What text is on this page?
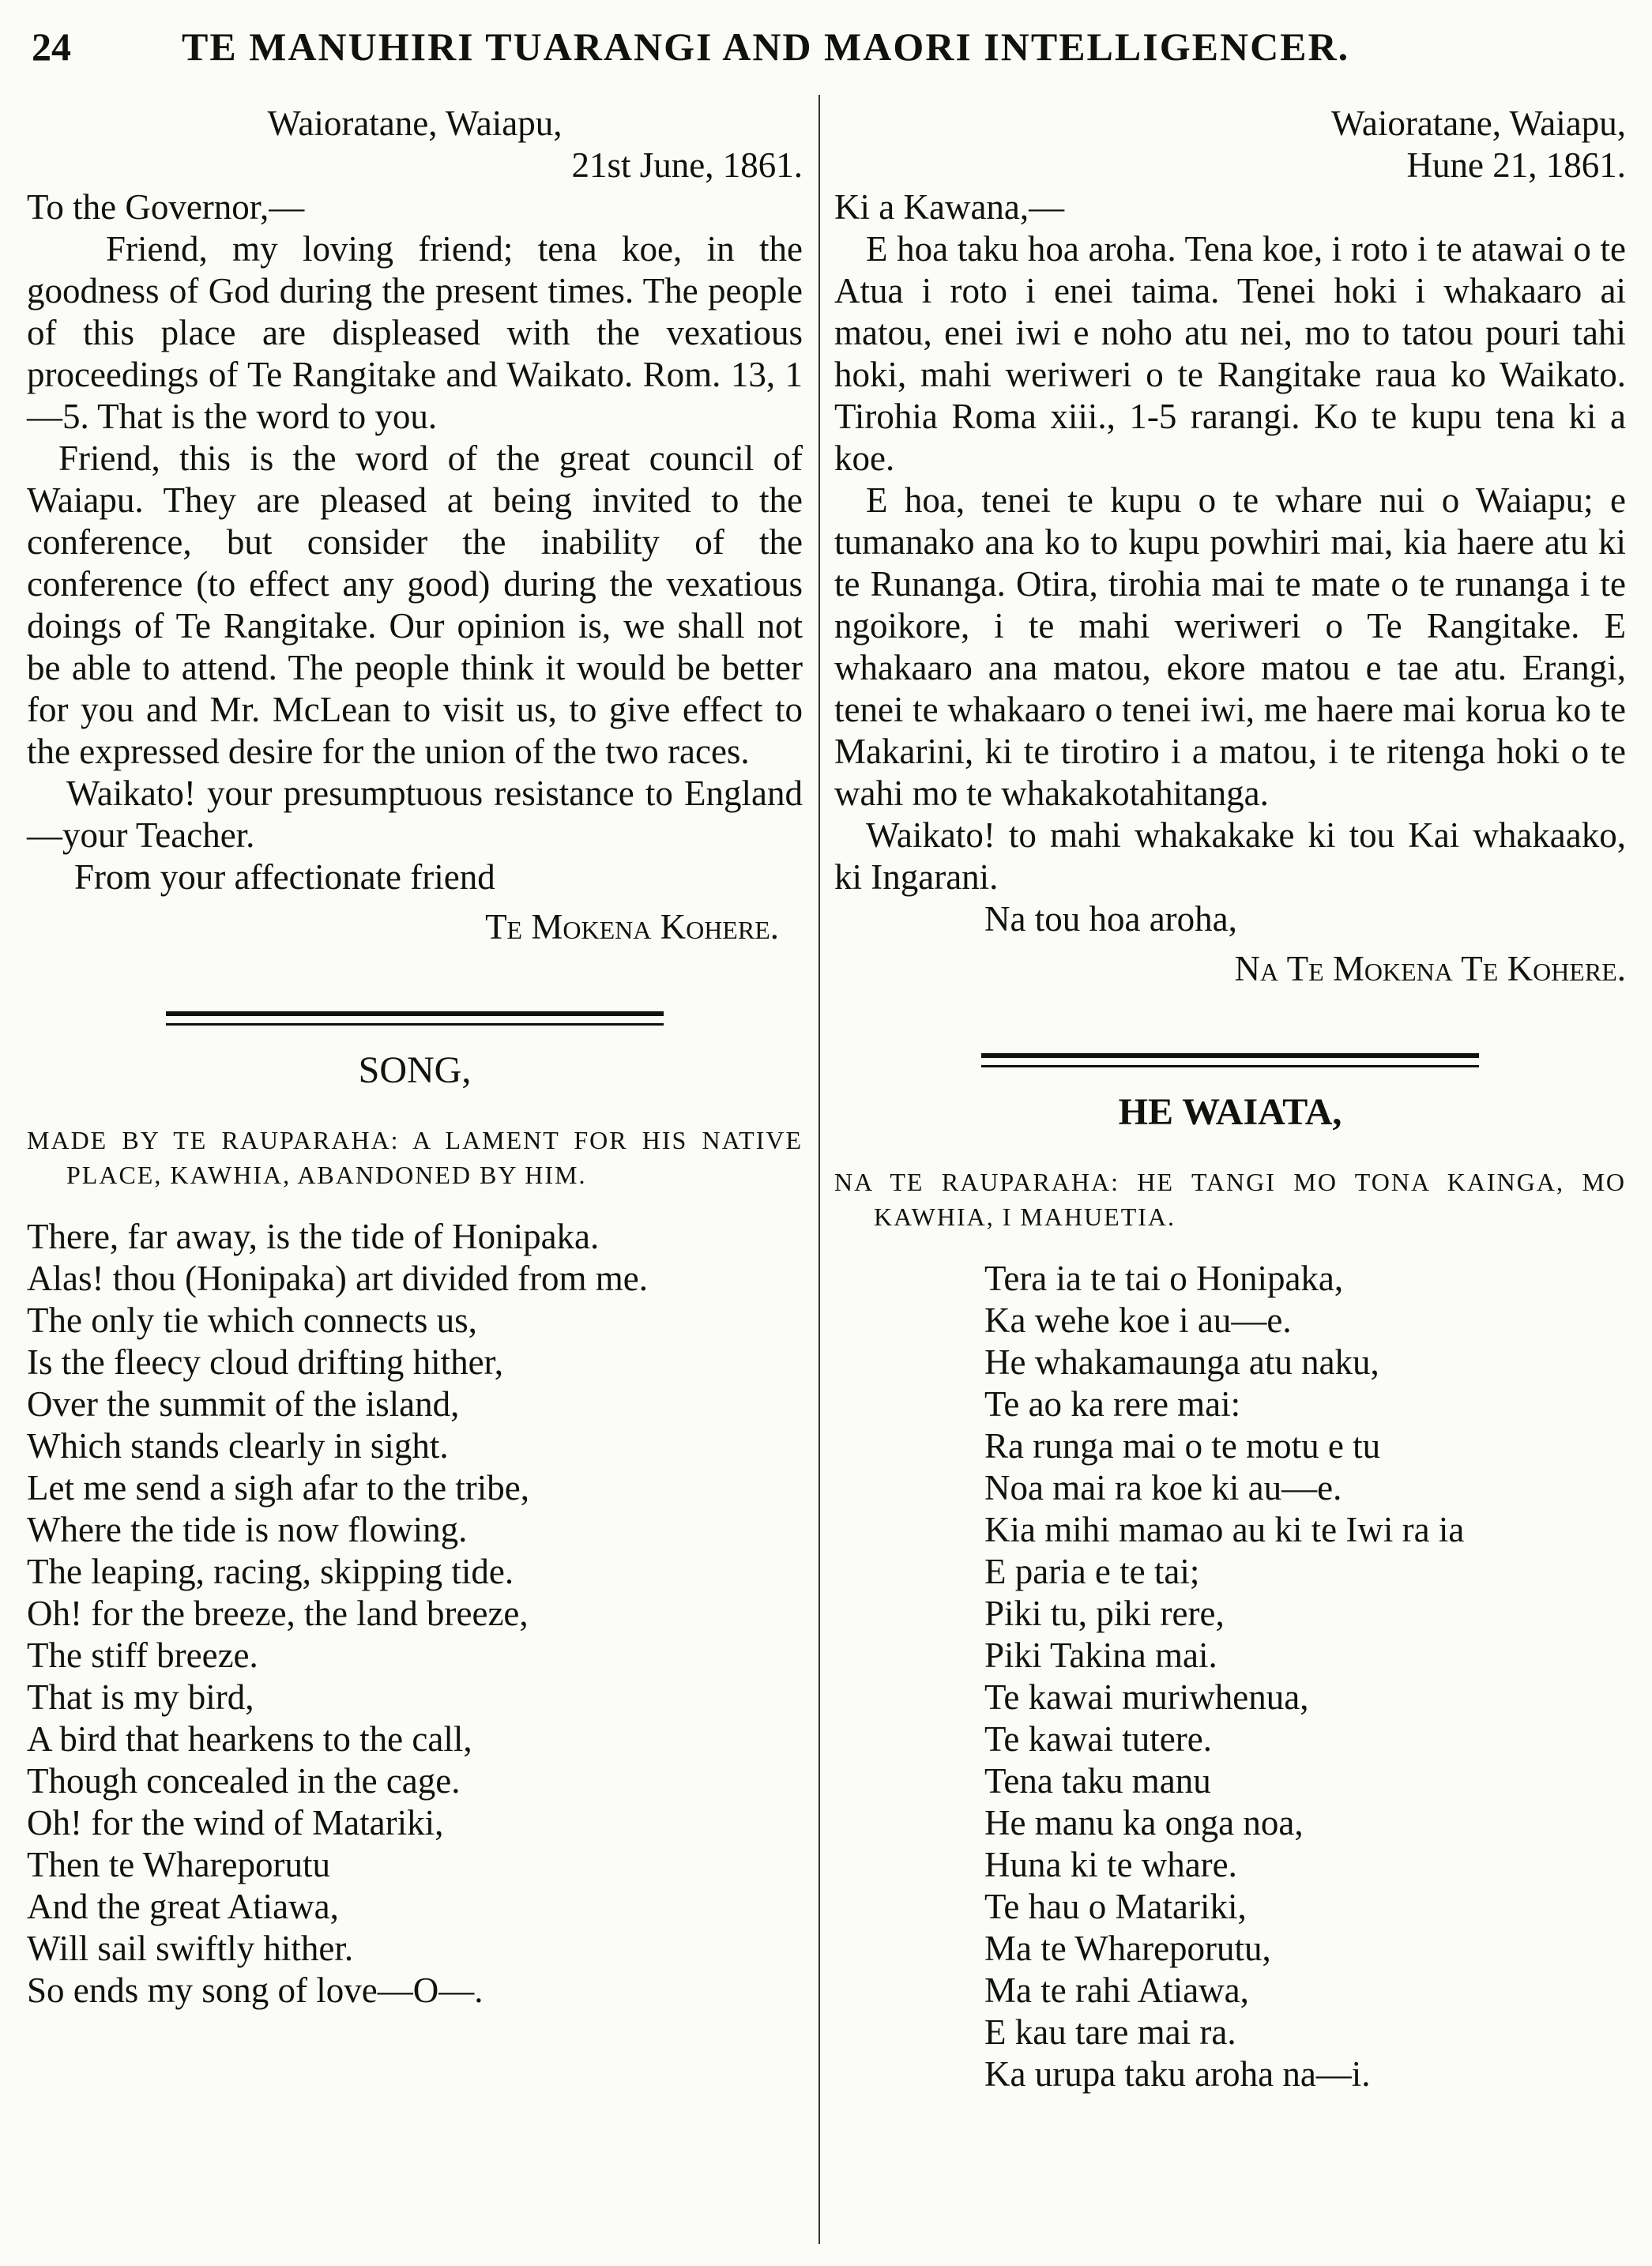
24	TE MANUHIRI TUARANGI AND MAORI INTELLIGENCER.
Waioratane, Waiapu,
21st June, 1861.
To the Governor,—

Friend, my loving friend; tena koe, in the goodness of God during the present times. The people of this place are displeased with the vexatious proceedings of Te Rangitake and Waikato. Rom. 13, 1—5. That is the word to you.

Friend, this is the word of the great council of Waiapu. They are pleased at being invited to the conference, but consider the inability of the conference (to effect any good) during the vexatious doings of Te Rangitake. Our opinion is, we shall not be able to attend. The people think it would be better for you and Mr. McLean to visit us, to give effect to the expressed desire for the union of the two races.

Waikato! your presumptuous resistance to England—your Teacher.

From your affectionate friend
Te Mokena Kohere.
SONG,
MADE BY TE RAUPARAHA: A LAMENT FOR HIS NATIVE PLACE, KAWHIA, ABANDONED BY HIM.
There, far away, is the tide of Honipaka.
Alas! thou (Honipaka) art divided from me.
The only tie which connects us,
Is the fleecy cloud drifting hither,
Over the summit of the island,
Which stands clearly in sight.
Let me send a sigh afar to the tribe,
Where the tide is now flowing.
The leaping, racing, skipping tide.
Oh! for the breeze, the land breeze,
The stiff breeze.
That is my bird,
A bird that hearkens to the call,
Though concealed in the cage.
Oh! for the wind of Matariki,
Then te Whareporutu
And the great Atiawa,
Will sail swiftly hither.
So ends my song of love—O—.
Waioratane, Waiapu,
Hune 21, 1861.
Ki a Kawana,—

E hoa taku hoa aroha. Tena koe, i roto i te atawai o te Atua i roto i enei taima. Tenei hoki i whakaaro ai matou, enei iwi e noho atu nei, mo to tatou pouri tahi hoki, mahi weriweri o te Rangitake raua ko Waikato. Tirohia Roma xiii., 1-5 rarangi. Ko te kupu tena ki a koe.

E hoa, tenei te kupu o te whare nui o Waiapu; e tumanako ana ko to kupu powhiri mai, kia haere atu ki te Runanga. Otira, tirohia mai te mate o te runanga i te ngoikore, i te mahi weriweri o Te Rangitake. E whakaaro ana matou, ekore matou e tae atu. Erangi, tenei te whakaaro o tenei iwi, me haere mai korua ko te Makarini, ki te tirotiro i a matou, i te ritenga hoki o te wahi mo te whakakotahitanga.

Waikato! to mahi whakakake ki tou Kai whakaako, ki Ingarani.

Na tou hoa aroha,
Na Te Mokena Te Kohere.
HE WAIATA,
NA TE RAUPARAHA: HE TANGI MO TONA KAINGA, MO KAWHIA, I MAHUETIA.
Tera ia te tai o Honipaka,
Ka wehe koe i au—e.
He whakamaunga atu naku,
Te ao ka rere mai:
Ra runga mai o te motu e tu
Noa mai ra koe ki au—e.
Kia mihi mamao au ki te Iwi ra ia
E paria e te tai;
Piki tu, piki rere,
Piki Takina mai.
Te kawai muriwhenua,
Te kawai tutere.
Tena taku manu
He manu ka onga noa,
Huna ki te whare.
Te hau o Matariki,
Ma te Whareporutu,
Ma te rahi Atiawa,
E kau tare mai ra.
Ka urupa taku aroha na—i.
